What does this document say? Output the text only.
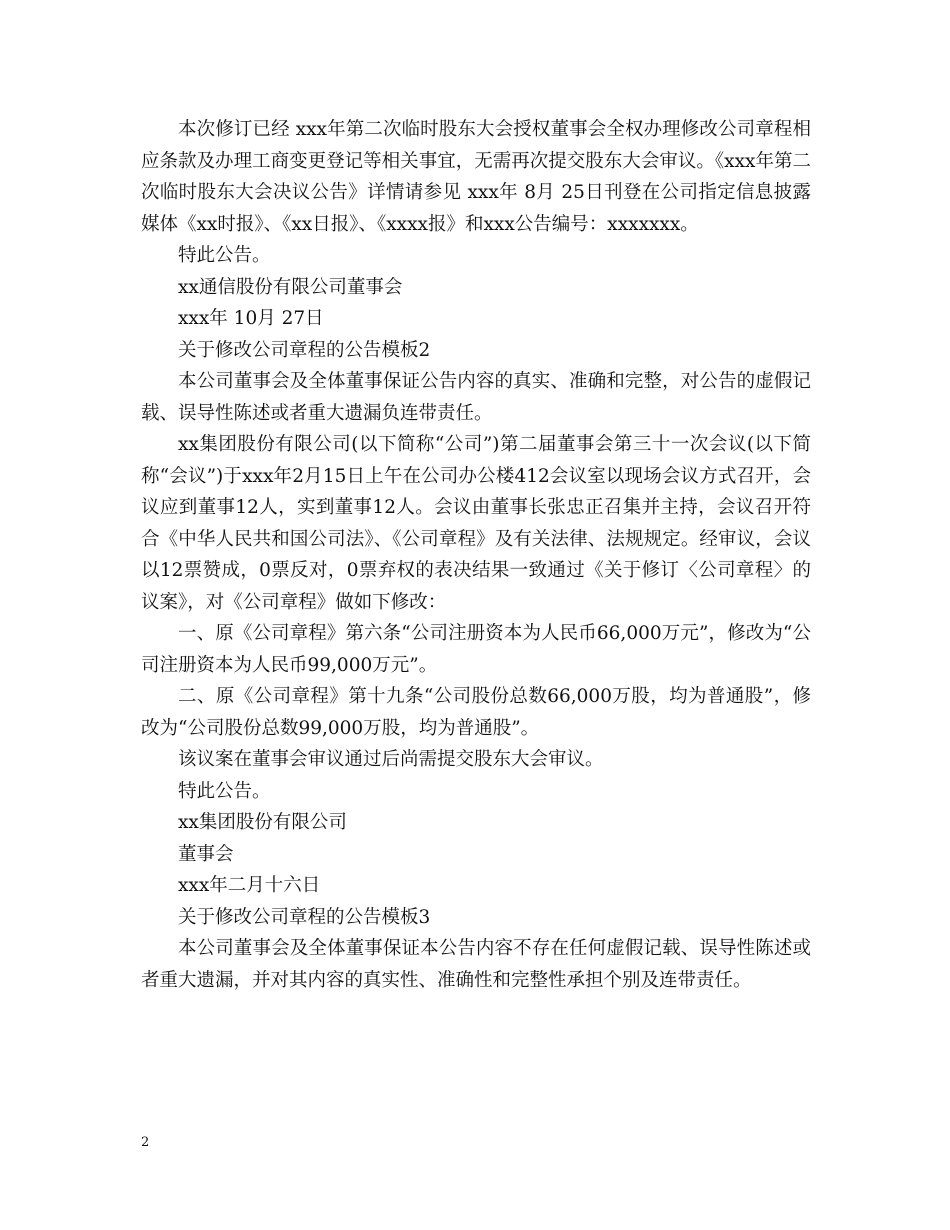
本次修订已经 xxx年第二次临时股东大会授权董事会全权办理修改公司章程相应条款及办理工商变更登记等相关事宜，无需再次提交股东大会审议。《xxx年第二次临时股东大会决议公告》详情请参见 xxx年 8月 25日刊登在公司指定信息披露媒体《xx时报》、《xx日报》、《xxxx报》和xxx公告编号：xxxxxxx。

特此公告。

xx通信股份有限公司董事会

xxx年 10月 27日

关于修改公司章程的公告模板2

本公司董事会及全体董事保证公告内容的真实、准确和完整，对公告的虚假记载、误导性陈述或者重大遗漏负连带责任。

xx集团股份有限公司(以下简称“公司”)第二届董事会第三十一次会议(以下简称“会议”)于xxx年2月15日上午在公司办公楼412会议室以现场会议方式召开，会议应到董事12人，实到董事12人。会议由董事长张忠正召集并主持，会议召开符合《中华人民共和国公司法》、《公司章程》及有关法律、法规规定。经审议，会议以12票赞成，0票反对，0票弃权的表决结果一致通过《关于修订〈公司章程〉的议案》，对《公司章程》做如下修改：

一、原《公司章程》第六条“公司注册资本为人民币66,000万元”，修改为“公司注册资本为人民币99,000万元”。

二、原《公司章程》第十九条“公司股份总数66,000万股，均为普通股”，修改为“公司股份总数99,000万股，均为普通股”。

该议案在董事会审议通过后尚需提交股东大会审议。

特此公告。

xx集团股份有限公司

董事会

xxx年二月十六日

关于修改公司章程的公告模板3

本公司董事会及全体董事保证本公告内容不存在任何虚假记载、误导性陈述或者重大遗漏，并对其内容的真实性、准确性和完整性承担个别及连带责任。

2
